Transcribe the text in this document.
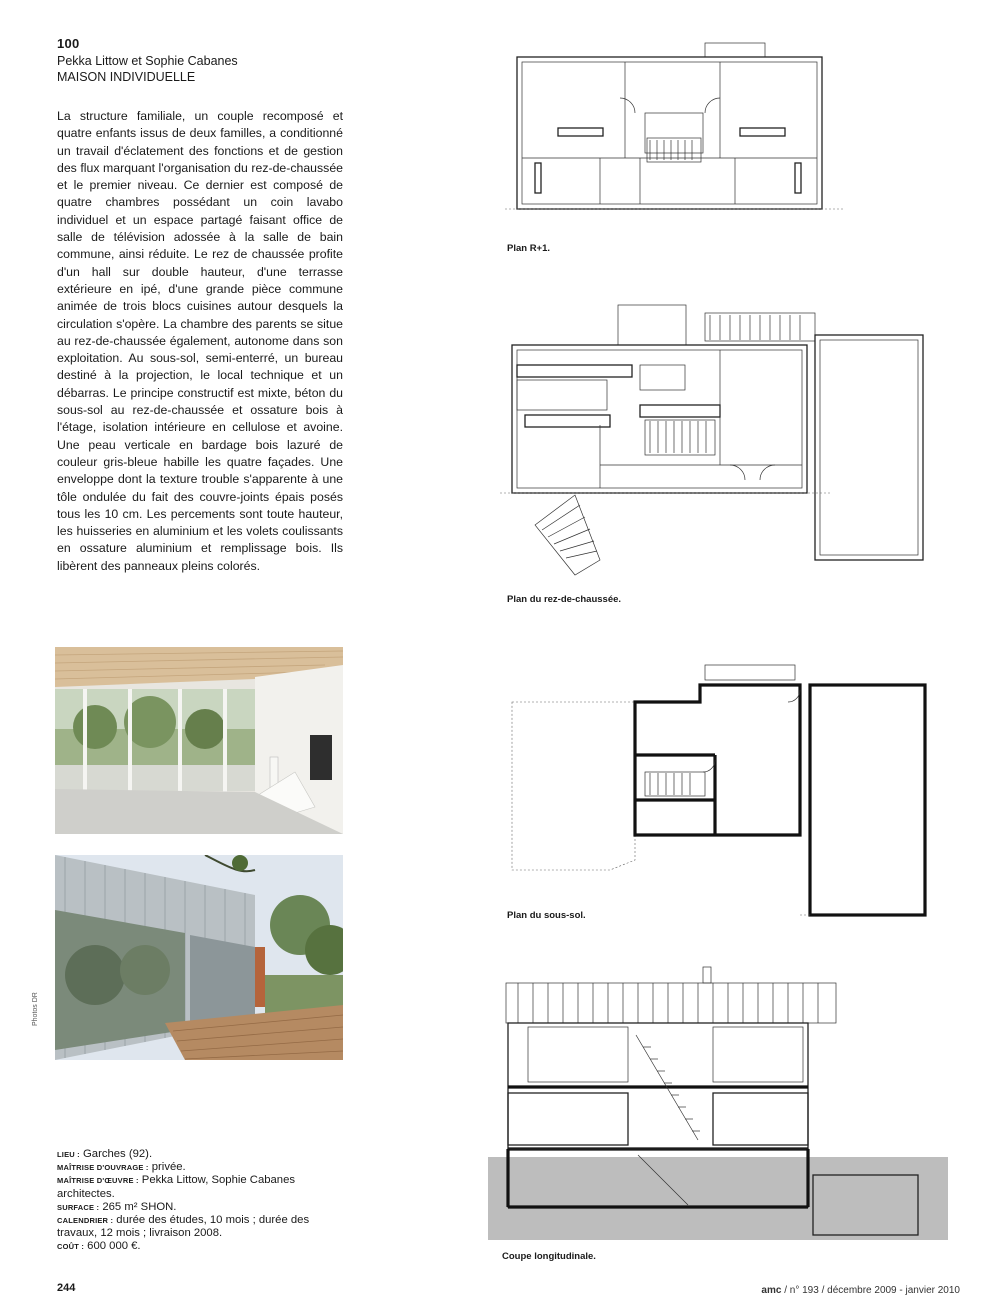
100
Pekka Littow et Sophie Cabanes
MAISON INDIVIDUELLE
La structure familiale, un couple recomposé et quatre enfants issus de deux familles, a conditionné un travail d'éclatement des fonctions et de gestion des flux marquant l'organisation du rez-de-chaussée et le premier niveau. Ce dernier est composé de quatre chambres possédant un coin lavabo individuel et un espace partagé faisant office de salle de télévision adossée à la salle de bain commune, ainsi réduite. Le rez de chaussée profite d'un hall sur double hauteur, d'une terrasse extérieure en ipé, d'une grande pièce commune animée de trois blocs cuisines autour desquels la circulation s'opère. La chambre des parents se situe au rez-de-chaussée également, autonome dans son exploitation. Au sous-sol, semi-enterré, un bureau destiné à la projection, le local technique et un débarras. Le principe constructif est mixte, béton du sous-sol au rez-de-chaussée et ossature bois à l'étage, isolation intérieure en cellulose et avoine. Une peau verticale en bardage bois lazuré de couleur gris-bleue habille les quatre façades. Une enveloppe dont la texture trouble s'apparente à une tôle ondulée du fait des couvre-joints épais posés tous les 10 cm. Les percements sont toute hauteur, les huisseries en aluminium et les volets coulissants en ossature aluminium et remplissage bois. Ils libèrent des panneaux pleins colorés.
Photos DR
Plan R+1.
Plan du rez-de-chaussée.
Plan du sous-sol.
Coupe longitudinale.
LIEU : Garches (92).
MAÎTRISE D'OUVRAGE : privée.
MAÎTRISE D'ŒUVRE : Pekka Littow, Sophie Cabanes architectes.
SURFACE : 265 m² SHON.
CALENDRIER : durée des études, 10 mois ; durée des travaux, 12 mois ; livraison 2008.
COÛT : 600 000 €.
244	amc / n° 193 / décembre 2009 - janvier 2010
